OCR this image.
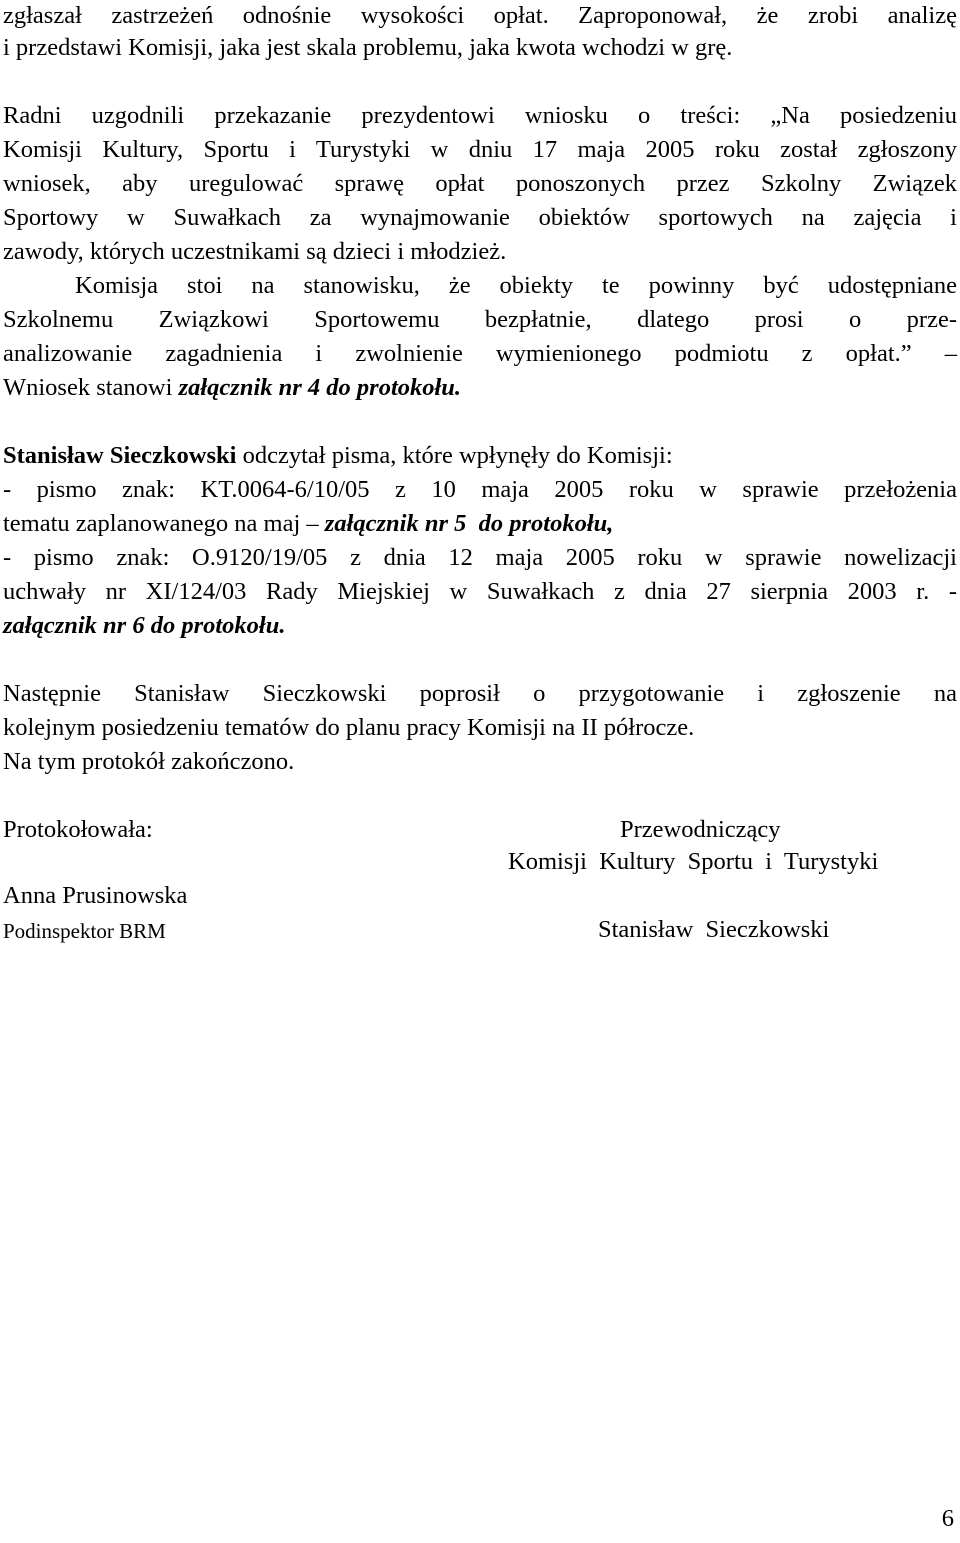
zgłaszał zastrzeżeń odnośnie wysokości opłat. Zaproponował, że zrobi analizę
i przedstawi Komisji, jaka jest skala problemu, jaka kwota wchodzi w grę.
Radni uzgodnili przekazanie prezydentowi wniosku o treści: „Na posiedzeniu
Komisji Kultury, Sportu i Turystyki w dniu 17 maja 2005 roku został zgłoszony
wniosek, aby uregulować sprawę opłat ponoszonych przez Szkolny Związek
Sportowy w Suwałkach za wynajmowanie obiektów sportowych na zajęcia i
zawody, których uczestnikami są dzieci i młodzież.
Komisja stoi na stanowisku, że obiekty te powinny być udostępniane
Szkolnemu Związkowi Sportowemu bezpłatnie, dlatego prosi o prze-
analizowanie zagadnienia i zwolnienie wymienionego podmiotu z opłat.” –
Wniosek stanowi załącznik nr 4 do protokołu.
Stanisław Sieczkowski odczytał pisma, które wpłynęły do Komisji:
- pismo znak: KT.0064-6/10/05 z 10 maja 2005 roku w sprawie przełożenia
tematu zaplanowanego na maj – załącznik nr 5  do protokołu,
- pismo znak: O.9120/19/05 z dnia 12 maja 2005 roku w sprawie nowelizacji
uchwały nr XI/124/03 Rady Miejskiej w Suwałkach z dnia 27 sierpnia 2003 r. -
załącznik nr 6 do protokołu.
Następnie Stanisław Sieczkowski poprosił o przygotowanie i zgłoszenie na
kolejnym posiedzeniu tematów do planu pracy Komisji na II półrocze.
Na tym protokół zakończono.
Protokołowała:	Przewodniczący
Komisji  Kultury  Sportu  i  Turystyki
Anna Prusinowska
Podinspektor BRM	Stanisław  Sieczkowski
6
